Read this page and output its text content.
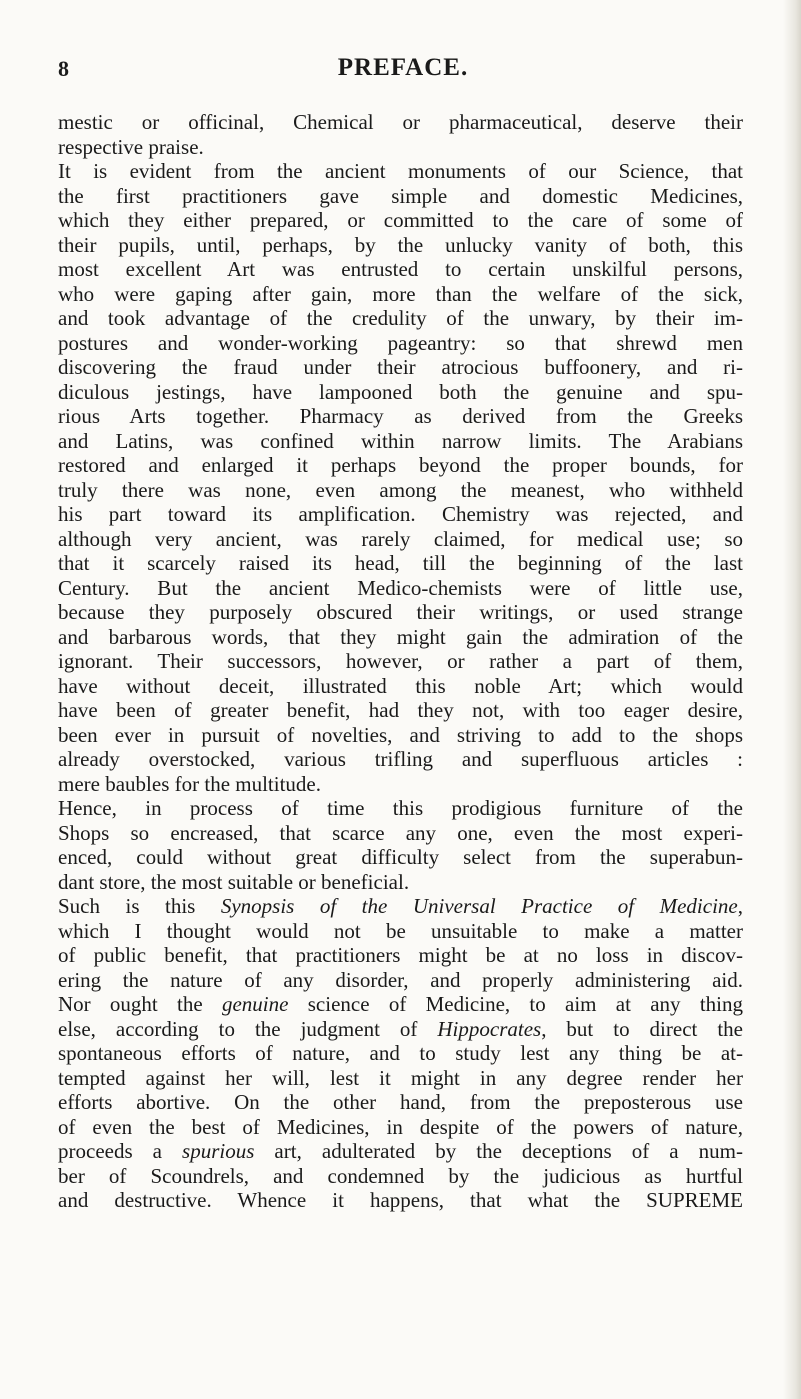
8	PREFACE.
mestic or officinal, Chemical or pharmaceutical, deserve their
respective praise.
It is evident from the ancient monuments of our Science, that
the first practitioners gave simple and domestic Medicines,
which they either prepared, or committed to the care of some of
their pupils, until, perhaps, by the unlucky vanity of both, this
most excellent Art was entrusted to certain unskilful persons,
who were gaping after gain, more than the welfare of the sick,
and took advantage of the credulity of the unwary, by their im-
postures and wonder-working pageantry: so that shrewd men
discovering the fraud under their atrocious buffoonery, and ri-
diculous jestings, have lampooned both the genuine and spu-
rious Arts together. Pharmacy as derived from the Greeks
and Latins, was confined within narrow limits. The Arabians
restored and enlarged it perhaps beyond the proper bounds, for
truly there was none, even among the meanest, who withheld
his part toward its amplification. Chemistry was rejected, and
although very ancient, was rarely claimed, for medical use; so
that it scarcely raised its head, till the beginning of the last
Century. But the ancient Medico-chemists were of little use,
because they purposely obscured their writings, or used strange
and barbarous words, that they might gain the admiration of the
ignorant. Their successors, however, or rather a part of them,
have without deceit, illustrated this noble Art; which would
have been of greater benefit, had they not, with too eager desire,
been ever in pursuit of novelties, and striving to add to the shops
already overstocked, various trifling and superfluous articles :
mere baubles for the multitude.
Hence, in process of time this prodigious furniture of the
Shops so encreased, that scarce any one, even the most experi-
enced, could without great difficulty select from the superabun-
dant store, the most suitable or beneficial.
Such is this Synopsis of the Universal Practice of Medicine,
which I thought would not be unsuitable to make a matter
of public benefit, that practitioners might be at no loss in discov-
ering the nature of any disorder, and properly administering aid.
Nor ought the genuine science of Medicine, to aim at any thing
else, according to the judgment of Hippocrates, but to direct the
spontaneous efforts of nature, and to study lest any thing be at-
tempted against her will, lest it might in any degree render her
efforts abortive. On the other hand, from the preposterous use
of even the best of Medicines, in despite of the powers of nature,
proceeds a spurious art, adulterated by the deceptions of a num-
ber of Scoundrels, and condemned by the judicious as hurtful
and destructive. Whence it happens, that what the SUPREME
